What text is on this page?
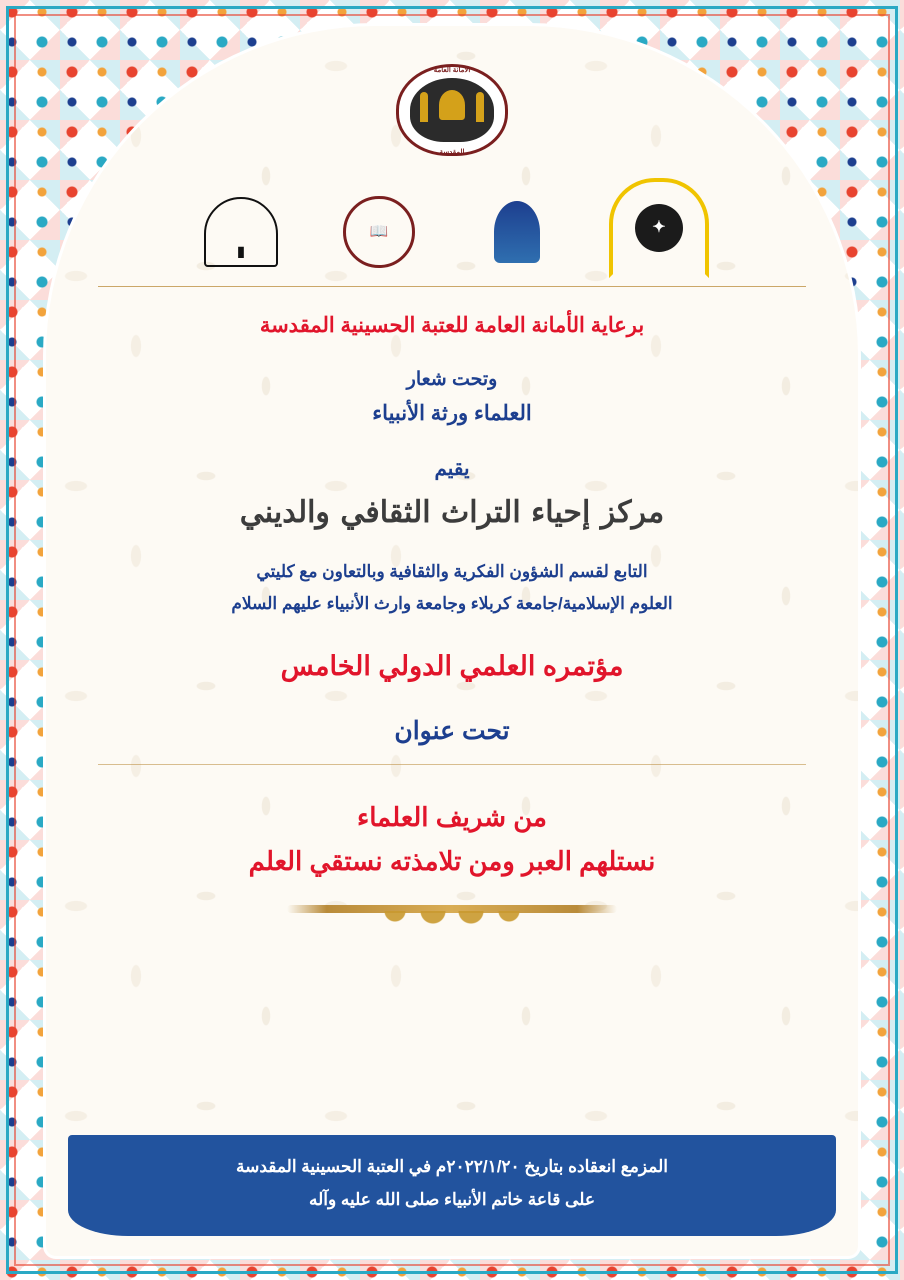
الأمانة العامة
المقدسة
✦
📖
▮
برعاية الأمانة العامة للعتبة الحسينية المقدسة
وتحت شعار
العلماء ورثة الأنبياء
يقيم
مركز إحياء التراث الثقافي والديني
التابع لقسم الشؤون الفكرية والثقافية وبالتعاون مع كليتي
العلوم الإسلامية/جامعة كربلاء وجامعة وارث الأنبياء عليهم السلام
مؤتمره العلمي الدولي الخامس
تحت عنوان
من شريف العلماء
نستلهم العبر ومن تلامذته نستقي العلم
المزمع انعقاده بتاريخ ٢٠٢٢/١/٢٠م في العتبة الحسينية المقدسة
على قاعة خاتم الأنبياء صلى الله عليه وآله
